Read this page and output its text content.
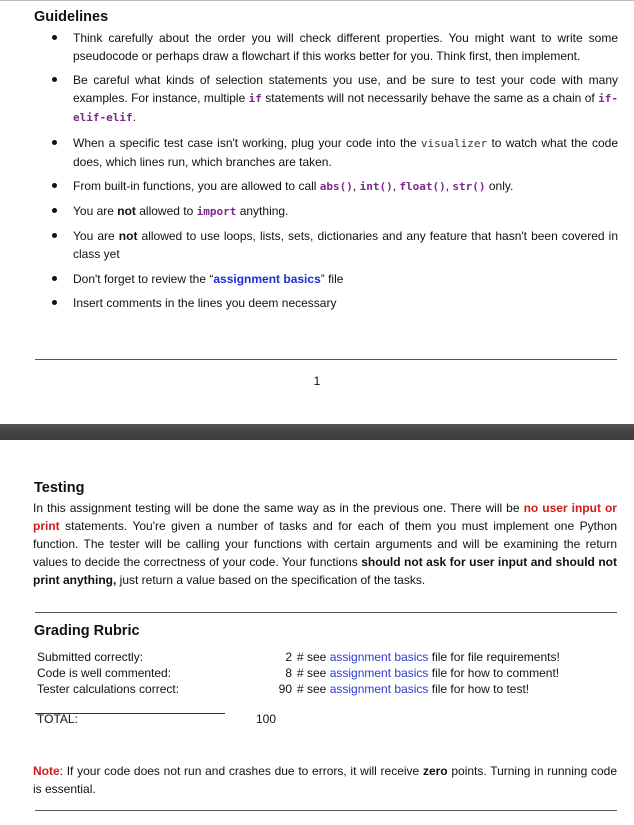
Guidelines
Think carefully about the order you will check different properties. You might want to write some pseudocode or perhaps draw a flowchart if this works better for you. Think first, then implement.
Be careful what kinds of selection statements you use, and be sure to test your code with many examples. For instance, multiple if statements will not necessarily behave the same as a chain of if-elif-elif.
When a specific test case isn't working, plug your code into the visualizer to watch what the code does, which lines run, which branches are taken.
From built-in functions, you are allowed to call abs(), int(), float(), str() only.
You are not allowed to import anything.
You are not allowed to use loops, lists, sets, dictionaries and any feature that hasn't been covered in class yet
Don't forget to review the “assignment basics” file
Insert comments in the lines you deem necessary
1
Testing

In this assignment testing will be done the same way as in the previous one. There will be no user input or print statements. You're given a number of tasks and for each of them you must implement one Python function. The tester will be calling your functions with certain arguments and will be examining the return values to decide the correctness of your code. Your functions should not ask for user input and should not print anything, just return a value based on the specification of the tasks.

Grading Rubric
Submitted correctly:	2 # see assignment basics file for file requirements!
Code is well commented:	8 # see assignment basics file for how to comment!
Tester calculations correct:	90 # see assignment basics file for how to test!
TOTAL:	100

Note: If your code does not run and crashes due to errors, it will receive zero points. Turning in running code is essential.
